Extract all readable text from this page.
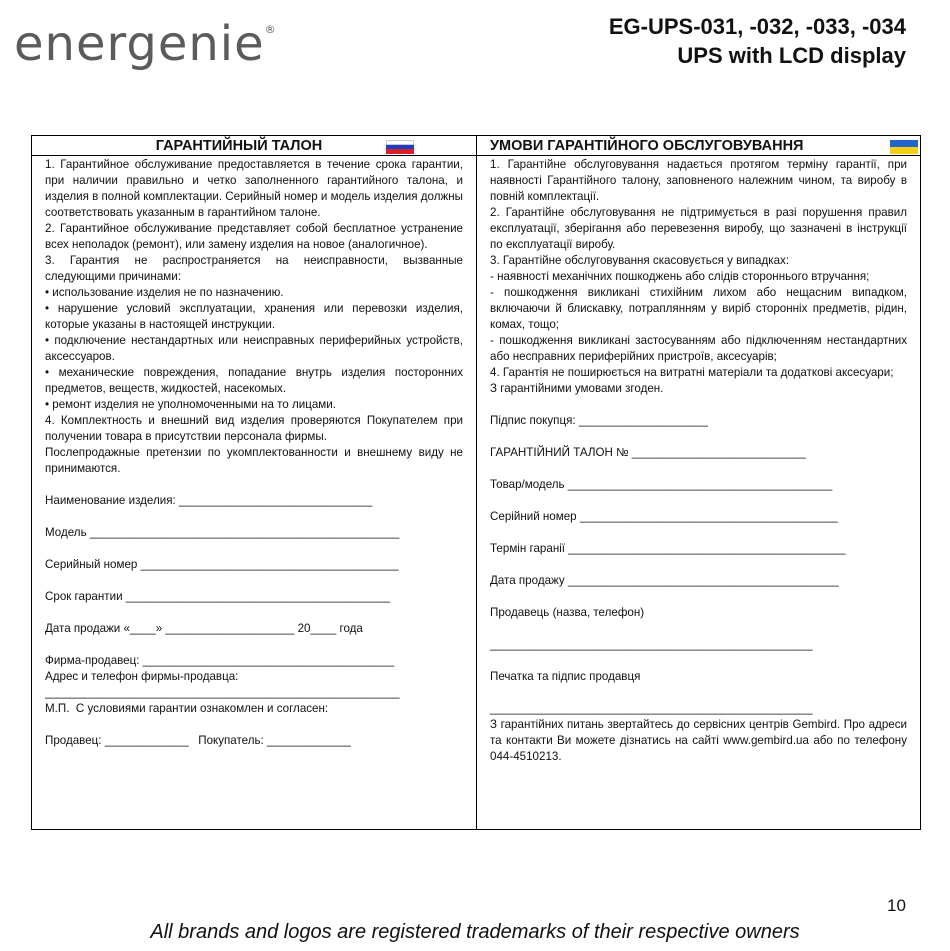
energenie®	EG-UPS-031, -032, -033, -034
UPS with LCD display
ГАРАНТИЙНЫЙ ТАЛОН
1. Гарантийное обслуживание предоставляется в течение срока гарантии, при наличии правильно и четко заполненного гарантийного талона, и изделия в полной комплектации. Серийный номер и модель изделия должны соответствовать указанным в гарантийном талоне.
2. Гарантийное обслуживание представляет собой бесплатное устранение всех неполадок (ремонт), или замену изделия на новое (аналогичное).
3. Гарантия не распространяется на неисправности, вызванные следующими причинами:
• использование изделия не по назначению.
• нарушение условий эксплуатации, хранения или перевозки изделия, которые указаны в настоящей инструкции.
• подключение нестандартных или неисправных периферийных устройств, аксессуаров.
• механические повреждения, попадание внутрь изделия посторонних предметов, веществ, жидкостей, насекомых.
• ремонт изделия не уполномоченными на то лицами.
4. Комплектность и внешний вид изделия проверяются Покупателем при получении товара в присутствии персонала фирмы.
Послепродажные претензии по укомплектованности и внешнему виду не принимаются.
Наименование изделия: ______________________________
Модель ________________________________________________
Серийный номер ________________________________________
Срок гарантии _________________________________________
Дата продажи «____» ____________________ 20____ года
Фирма-продавец: _______________________________________
Адрес и телефон фирмы-продавца:
_______________________________________________________
М.П.  С условиями гарантии ознакомлен и согласен:
Продавец: _____________   Покупатель: _____________
УМОВИ ГАРАНТІЙНОГО ОБСЛУГОВУВАННЯ
1. Гарантійне обслуговування надається протягом терміну гарантії, при наявності Гарантійного талону, заповненого належним чином, та виробу в повній комплектації.
2. Гарантійне обслуговування не підтримується в разі порушення правил експлуатації, зберігання або перевезення виробу, що зазначені в інструкції по експлуатації виробу.
3. Гарантійне обслуговування скасовується у випадках:
- наявності механічних пошкоджень або слідів стороннього втручання;
- пошкодження викликані стихійним лихом або нещасним випадком, включаючи й блискавку, потраплянням у виріб сторонніх предметів, рідин, комах, тощо;
- пошкодження викликані застосуванням або підключенням нестандартних або несправних периферійних пристроїв, аксесуарів;
4. Гарантія не поширюється на витратні матеріали та додаткові аксесуари;
З гарантійними умовами згоден.
Підпис покупця: ____________________
ГАРАНТІЙНИЙ ТАЛОН № ___________________________
Товар/модель _________________________________________
Серійний номер ________________________________________
Термін гаранії ___________________________________________
Дата продажу __________________________________________
Продавець (назва, телефон)
__________________________________________________
Печатка та підпис продавця
__________________________________________________
З гарантійних питань звертайтесь до сервісних центрів Gembird. Про адреси та контакти Ви можете дізнатись на сайті www.gembird.ua або по телефону 044-4510213.
10
All brands and logos are registered trademarks of their respective owners
